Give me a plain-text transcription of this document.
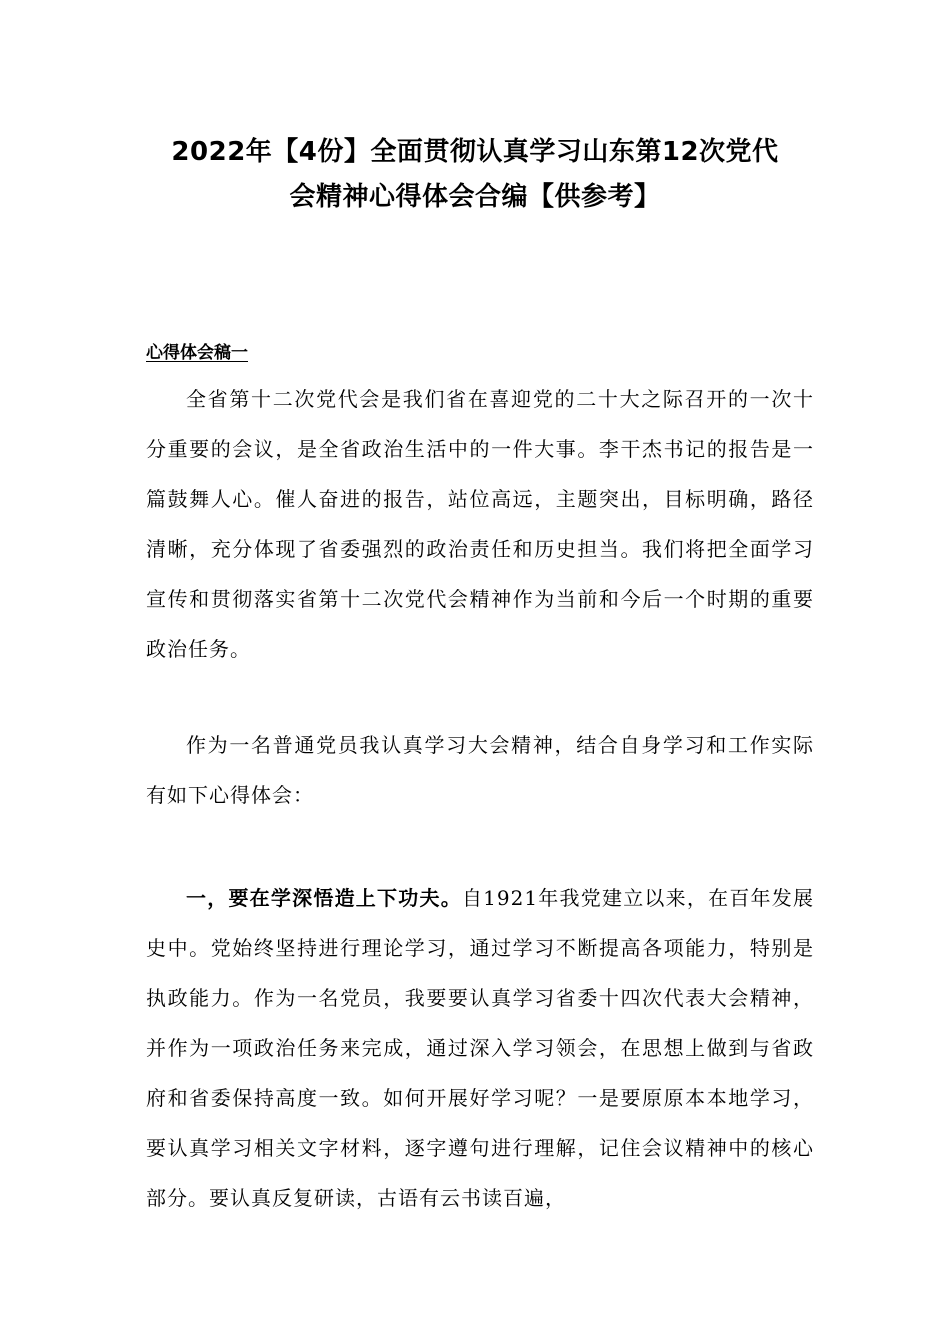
2022年【4份】全面贯彻认真学习山东第12次党代
会精神心得体会合编【供参考】
心得体会稿一

全省第十二次党代会是我们省在喜迎党的二十大之际召开的一次十分重要的会议，是全省政治生活中的一件大事。李干杰书记的报告是一篇鼓舞人心。催人奋进的报告，站位高远，主题突出，目标明确，路径清晰，充分体现了省委强烈的政治责任和历史担当。我们将把全面学习宣传和贯彻落实省第十二次党代会精神作为当前和今后一个时期的重要政治任务。

作为一名普通党员我认真学习大会精神，结合自身学习和工作实际有如下心得体会：

一，要在学深悟造上下功夫。自1921年我党建立以来，在百年发展史中。党始终坚持进行理论学习，通过学习不断提高各项能力，特别是执政能力。作为一名党员，我要要认真学习省委十四次代表大会精神，并作为一项政治任务来完成，通过深入学习领会，在思想上做到与省政府和省委保持高度一致。如何开展好学习呢？一是要原原本本地学习，要认真学习相关文字材料，逐字遵句进行理解，记住会议精神中的核心部分。要认真反复研读，古语有云书读百遍，
